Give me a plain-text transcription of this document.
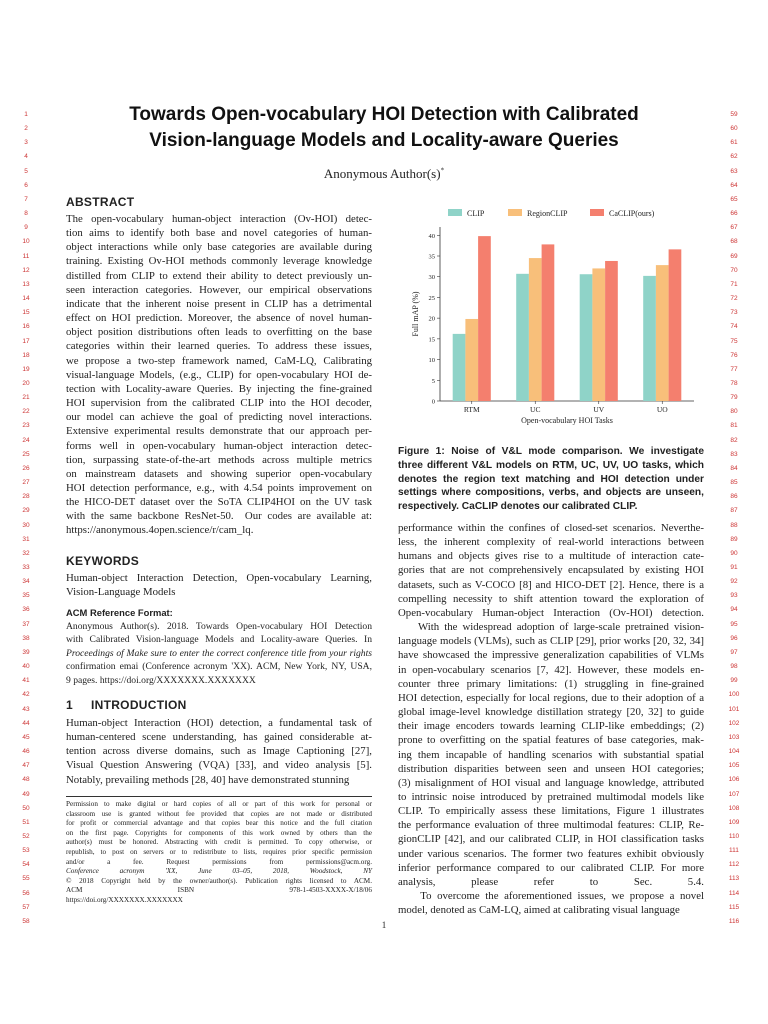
1
2
3
4
5
6
7
8
9
10
11
12
13
14
15
16
17
18
19
20
21
22
23
24
25
26
27
28
29
30
31
32
33
34
35
36
37
38
39
40
41
42
43
44
45
46
47
48
49
50
51
52
53
54
55
56
57
58
59
60
61
62
63
64
65
66
67
68
69
70
71
72
73
74
75
76
77
78
79
80
81
82
83
84
85
86
87
88
89
90
91
92
93
94
95
96
97
98
99
100
101
102
103
104
105
106
107
108
109
110
111
112
113
114
115
116
Towards Open-vocabulary HOI Detection with Calibrated
Vision-language Models and Locality-aware Queries
Anonymous Author(s)*
ABSTRACT

The open-vocabulary human-object interaction (Ov-HOI) detec-

tion aims to identify both base and novel categories of human-

object interactions while only base categories are available during

training. Existing Ov-HOI methods commonly leverage knowledge

distilled from CLIP to extend their ability to detect previously un-

seen interaction categories. However, our empirical observations

indicate that the inherent noise present in CLIP has a detrimental

effect on HOI prediction. Moreover, the absence of novel human-

object position distributions often leads to overfitting on the base

categories within their learned queries. To address these issues,

we propose a two-step framework named, CaM-LQ, Calibrating

visual-language Models, (e.g., CLIP) for open-vocabulary HOI de-

tection with Locality-aware Queries. By injecting the fine-grained

HOI supervision from the calibrated CLIP into the HOI decoder,

our model can achieve the goal of predicting novel interactions.

Extensive experimental results demonstrate that our approach per-

forms well in open-vocabulary human-object interaction detec-

tion, surpassing state-of-the-art methods across multiple metrics

on mainstream datasets and showing superior open-vocabulary

HOI detection performance, e.g., with 4.54 points improvement on

the HICO-DET dataset over the SoTA CLIP4HOI on the UV task

with the same backbone ResNet-50.  Our codes are available at:

https://anonymous.4open.science/r/cam_lq.

KEYWORDS

Human-object Interaction Detection, Open-vocabulary Learning,

Vision-Language Models

ACM Reference Format:

Anonymous Author(s). 2018. Towards Open-vocabulary HOI Detection

with Calibrated Vision-language Models and Locality-aware Queries. In

Proceedings of Make sure to enter the correct conference title from your rights

confirmation emai (Conference acronym 'XX). ACM, New York, NY, USA,

9 pages. https://doi.org/XXXXXXX.XXXXXXX

1 INTRODUCTION

Human-object Interaction (HOI) detection, a fundamental task of

human-centered scene understanding, has gained considerable at-

tention across diverse domains, such as Image Captioning [27],

Visual Question Answering (VQA) [33], and video analysis [5].

Notably, prevailing methods [28, 40] have demonstrated stunning

Permission to make digital or hard copies of all or part of this work for personal or

classroom use is granted without fee provided that copies are not made or distributed

for profit or commercial advantage and that copies bear this notice and the full citation

on the first page. Copyrights for components of this work owned by others than the

author(s) must be honored. Abstracting with credit is permitted. To copy otherwise, or

republish, to post on servers or to redistribute to lists, requires prior specific permission

and/or a fee. Request permissions from permissions@acm.org.

Conference acronym 'XX, June 03–05, 2018, Woodstock, NY

© 2018 Copyright held by the owner/author(s). Publication rights licensed to ACM.

ACM ISBN 978-1-4503-XXXX-X/18/06

https://doi.org/XXXXXXX.XXXXXXX

CLIP	RegionCLIP	CaCLIP(ours)
0
5
10
15
20
25
30
35
40
RTM	UC	UV	UO
Open-vocabulary HOI Tasks
Full mAP (%)

Figure 1: Noise of V&L mode comparison. We investigate

three different V&L models on RTM, UC, UV, UO tasks, which

denotes the region text matching and HOI detection under

settings where compositions, verbs, and objects are unseen,

respectively. CaCLIP denotes our calibrated CLIP.

performance within the confines of closed-set scenarios. Neverthe-

less, the inherent complexity of real-world interactions between

humans and objects gives rise to a multitude of interaction cate-

gories that are not comprehensively encapsulated by existing HOI

datasets, such as V-COCO [8] and HICO-DET [2]. Hence, there is a

compelling necessity to shift attention toward the exploration of

Open-vocabulary Human-object Interaction (Ov-HOI) detection.

With the widespread adoption of large-scale pretrained vision-

language models (VLMs), such as CLIP [29], prior works [20, 32, 34]

have showcased the impressive generalization capabilities of VLMs

in open-vocabulary scenarios [7, 42]. However, these models en-

counter three primary limitations: (1) struggling in fine-grained

HOI detection, especially for local regions, due to their adoption of a

global image-level knowledge distillation strategy [20, 32] to guide

their image encoders towards learning CLIP-like embeddings; (2)

prone to overfitting on the spatial features of base categories, mak-

ing them incapable of handling scenarios with substantial spatial

distribution disparities between seen and unseen HOI categories;

(3) misalignment of HOI visual and language knowledge, attributed

to intrinsic noise introduced by pretrained multimodal models like

CLIP. To empirically assess these limitations, Figure 1 illustrates

the performance evaluation of three multimodal features: CLIP, Re-

gionCLIP [42], and our calibrated CLIP, in HOI classification tasks

under various scenarios. The former two features exhibit obviously

inferior performance compared to our calibrated CLIP. For more

analysis, please refer to Sec. 5.4.

To overcome the aforementioned issues, we propose a novel

model, denoted as CaM-LQ, aimed at calibrating visual language

1
